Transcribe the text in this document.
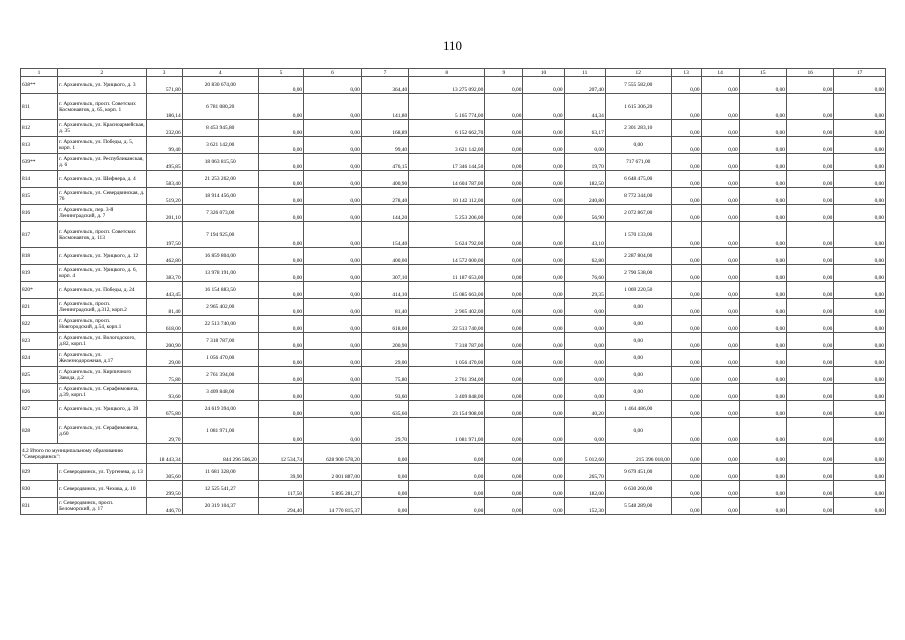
110
1	2	3	4	5	6	7	8	9	10	11	12	13	14	15	16	17
638**	г. Архангельск, ул. Урицкого, д. 3	571,80	20 830 674,00	0,00	0,00	364,40	13 275 092,00	0,00	0,00	207,40	7 555 582,00	0,00	0,00	0,00	0,00	0,00
811	г. Архангельск, просп. Советских Космонавтов, д. 65, корп. 1	186,14	6 781 080,20	0,00	0,00	141,80	5 165 774,00	0,00	0,00	44,34	1 615 306,20	0,00	0,00	0,00	0,00	0,00
812	г. Архангельск, ул. Красноармейская, д. 35	232,06	8 453 945,80	0,00	0,00	168,89	6 152 662,70	0,00	0,00	63,17	2 301 283,10	0,00	0,00	0,00	0,00	0,00
813	г. Архангельск, ул. Победы, д. 5, корп. 1	99,40	3 621 142,00	0,00	0,00	99,40	3 621 142,00	0,00	0,00	0,00	0,00	0,00	0,00	0,00	0,00	0,00
639**	г. Архангельск, ул. Республиканская, д. 6	495,85	18 063 815,50	0,00	0,00	476,15	17 346 144,50	0,00	0,00	19,70	717 671,00	0,00	0,00	0,00	0,00	0,00
814	г. Архангельск, ул. Шефнера, д. 4	583,40	21 253 262,00	0,00	0,00	400,90	14 604 787,00	0,00	0,00	182,50	6 648 475,00	0,00	0,00	0,00	0,00	0,00
815	г. Архангельск, ул. Севердвинская, д. 76	519,20	18 914 456,00	0,00	0,00	278,40	10 142 112,00	0,00	0,00	240,80	8 772 344,00	0,00	0,00	0,00	0,00	0,00
816	г. Архангельск, пер. 3-й Ленинградский, д. 7	201,10	7 326 073,00	0,00	0,00	144,20	5 253 206,00	0,00	0,00	56,90	2 072 867,00	0,00	0,00	0,00	0,00	0,00
817	г. Архангельск, просп. Советских Космонавтов, д. 113	197,50	7 194 925,00	0,00	0,00	154,40	5 624 792,00	0,00	0,00	43,10	1 570 133,00	0,00	0,00	0,00	0,00	0,00
818	г. Архангельск, ул. Урицкого, д. 12	462,80	16 859 804,00	0,00	0,00	400,00	14 572 000,00	0,00	0,00	62,80	2 287 804,00	0,00	0,00	0,00	0,00	0,00
819	г. Архангельск, ул. Урицкого, д. 6, корп. 4	383,70	13 978 191,00	0,00	0,00	307,10	11 187 653,00	0,00	0,00	76,60	2 790 538,00	0,00	0,00	0,00	0,00	0,00
820*	г. Архангельск, ул. Победы, д. 24	443,45	16 154 883,50	0,00	0,00	414,10	15 085 663,00	0,00	0,00	29,35	1 069 220,50	0,00	0,00	0,00	0,00	0,00
821	г. Архангельск, просп. Ленинградский, д.312, корп.2	81,40	2 965 402,00	0,00	0,00	81,40	2 965 402,00	0,00	0,00	0,00	0,00	0,00	0,00	0,00	0,00	0,00
822	г. Архангельск, просп. Новгородский, д.54, корп.1	618,00	22 513 740,00	0,00	0,00	618,00	22 513 740,00	0,00	0,00	0,00	0,00	0,00	0,00	0,00	0,00	0,00
823	г. Архангельск, ул. Вологодского, д.82, корп.1	200,90	7 318 787,00	0,00	0,00	200,90	7 318 787,00	0,00	0,00	0,00	0,00	0,00	0,00	0,00	0,00	0,00
824	г. Архангельск, ул. Железнодорожная, д.17	29,00	1 056 470,00	0,00	0,00	29,00	1 056 470,00	0,00	0,00	0,00	0,00	0,00	0,00	0,00	0,00	0,00
825	г. Архангельск, ул. Кирпичного Завода, д.2	75,80	2 761 394,00	0,00	0,00	75,80	2 761 394,00	0,00	0,00	0,00	0,00	0,00	0,00	0,00	0,00	0,00
826	г. Архангельск, ул. Серафимовича, д.39, корп.1	93,60	3 409 848,00	0,00	0,00	93,60	3 409 848,00	0,00	0,00	0,00	0,00	0,00	0,00	0,00	0,00	0,00
827	г. Архангельск, ул. Урицкого, д. 39	675,80	24 619 394,00	0,00	0,00	635,60	23 154 908,00	0,00	0,00	40,20	1 464 486,00	0,00	0,00	0,00	0,00	0,00
828	г. Архангельск, ул. Серафимовича, д.60	29,70	1 081 971,00	0,00	0,00	29,70	1 081 971,00	0,00	0,00	0,00	0,00	0,00	0,00	0,00	0,00	0,00
4.2 Итого по муниципальному образованию "Северодвинск":		18 443,34	844 296 506,20	12 534,74	628 900 578,20	0,00	0,00	0,00	0,00	5 012,60	215 396 018,00	0,00	0,00	0,00	0,00	0,00
829	г. Северодвинск, ул. Тургенева, д. 13	305,60	11 681 328,00	39,90	2 001 887,00	0,00	0,00	0,00	0,00	265,70	9 679 451,00	0,00	0,00	0,00	0,00	0,00
830	г. Северодвинск, ул. Чехова, д. 10	299,50	12 525 541,27	117,50	5 895 281,27	0,00	0,00	0,00	0,00	182,00	6 630 260,00	0,00	0,00	0,00	0,00	0,00
831	г. Северодвинск, просп. Беломорский, д. 17	446,70	20 319 104,37	294,40	14 770 815,37	0,00	0,00	0,00	0,00	152,30	5 548 289,00	0,00	0,00	0,00	0,00	0,00
